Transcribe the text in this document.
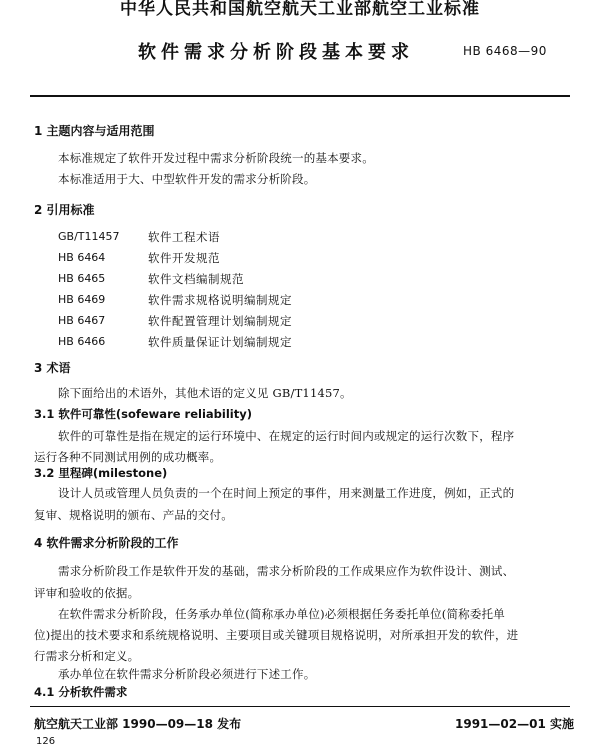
中华人民共和国航空航天工业部航空工业标准
软件需求分析阶段基本要求	HB 6468—90
1 主题内容与适用范围
本标准规定了软件开发过程中需求分析阶段统一的基本要求。
本标准适用于大、中型软件开发的需求分析阶段。
2 引用标准
GB/T11457 软件工程术语
HB 6464	软件开发规范
HB 6465	软件文档编制规范
HB 6469	软件需求规格说明编制规定
HB 6467	软件配置管理计划编制规定
HB 6466	软件质量保证计划编制规定
3 术语
除下面给出的术语外，其他术语的定义见 GB/T11457。
3.1 软件可靠性(sofeware reliability)
软件的可靠性是指在规定的运行环境中、在规定的运行时间内或规定的运行次数下，程序
运行各种不同测试用例的成功概率。
3.2 里程碑(milestone)
设计人员或管理人员负责的一个在时间上预定的事件，用来测量工作进度，例如，正式的
复审、规格说明的颁布、产品的交付。
4 软件需求分析阶段的工作
需求分析阶段工作是软件开发的基础，需求分析阶段的工作成果应作为软件设计、测试、
评审和验收的依据。
在软件需求分析阶段，任务承办单位(简称承办单位)必须根据任务委托单位(简称委托单
位)提出的技术要求和系统规格说明、主要项目或关键项目规格说明，对所承担开发的软件，进
行需求分析和定义。
承办单位在软件需求分析阶段必须进行下述工作。
4.1 分析软件需求
航空航天工业部 1990—09—18 发布	1991—02—01 实施
126
